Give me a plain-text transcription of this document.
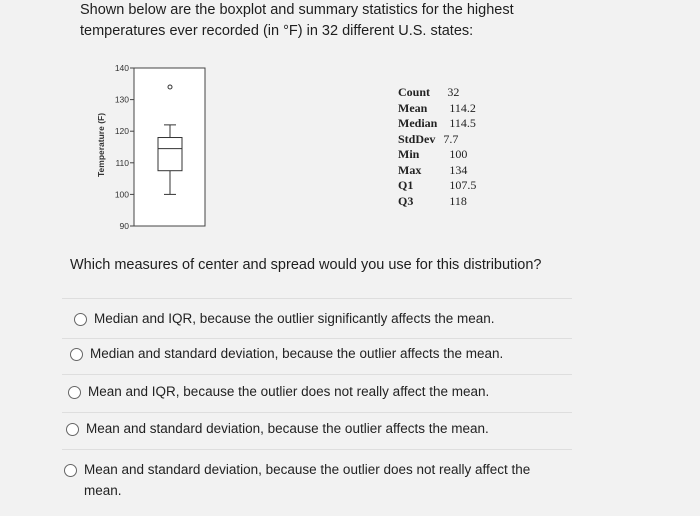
Shown below are the boxplot and summary statistics for the highest temperatures ever recorded (in °F) in 32 different U.S. states:
Temperature (F)
140
130
120
110
100
90
Count	32
Mean	114.2
Median	114.5
StdDev	7.7
Min	100
Max	134
Q1	107.5
Q3	118
Which measures of center and spread would you use for this distribution?
Median and IQR, because the outlier significantly affects the mean.
Median and standard deviation, because the outlier affects the mean.
Mean and IQR, because the outlier does not really affect the mean.
Mean and standard deviation, because the outlier affects the mean.
Mean and standard deviation, because the outlier does not really affect the mean.
